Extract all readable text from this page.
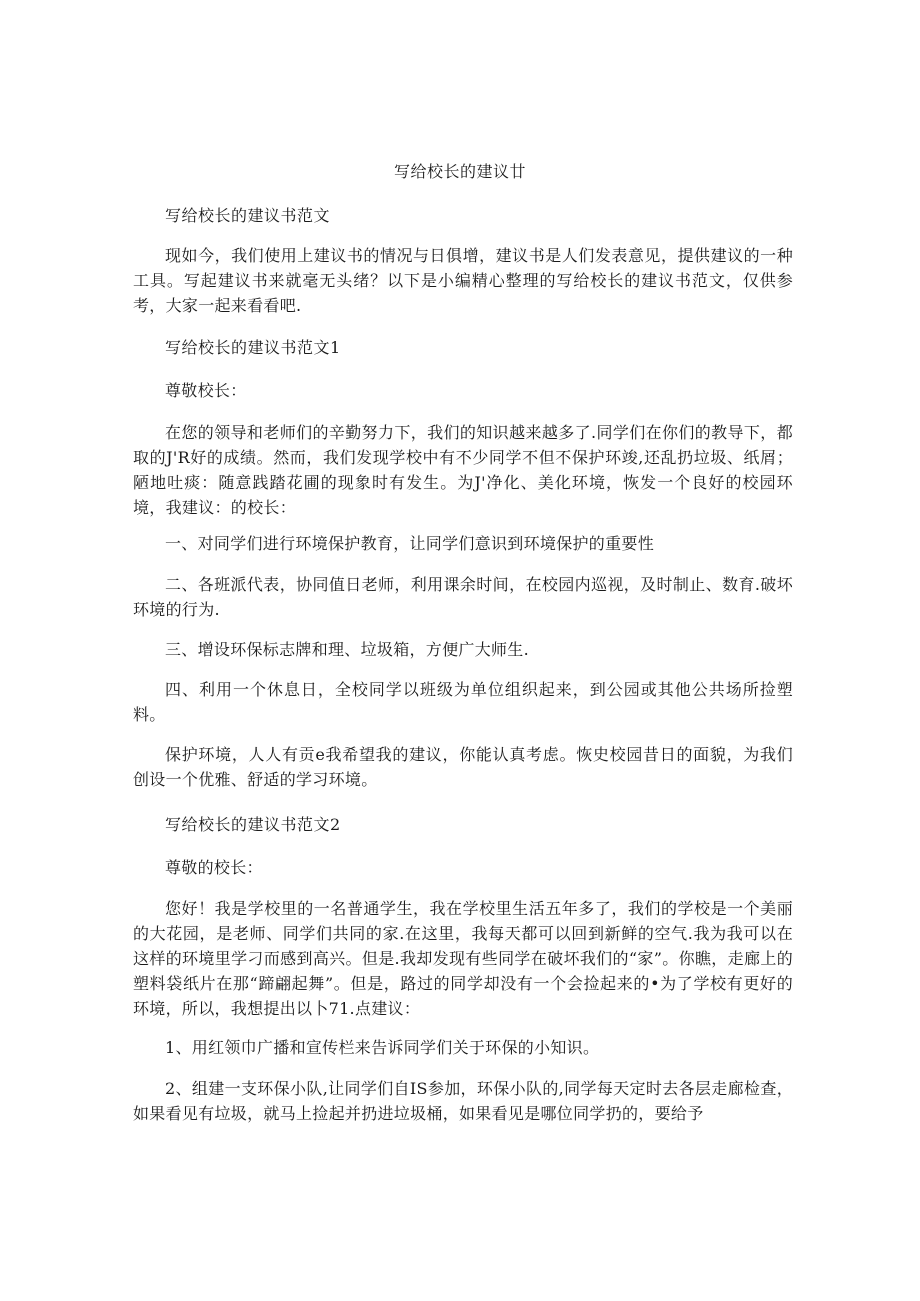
写给校长的建议廿

写给校长的建议书范文

现如今，我们使用上建议书的情况与日俱增，建议书是人们发表意见，提供建议的一种工具。写起建议书来就毫无头绪？以下是小编精心整理的写给校长的建议书范文，仅供参考，大家一起来看看吧.

写给校长的建议书范文1

尊敬校长：

在您的领导和老师们的辛勤努力下，我们的知识越来越多了.同学们在你们的教导下，都取的J'R好的成绩。然而，我们发现学校中有不少同学不但不保护环竣,还乱扔垃圾、纸屑；陋地吐痰：随意践踏花圃的现象时有发生。为J'净化、美化环境，恢发一个良好的校园环境，我建议：的校长：

一、对同学们进行环境保护教育，让同学们意识到环境保护的重要性

二、各班派代表，协同值日老师，利用课余时间，在校园内巡视，及时制止、数育.破坏环境的行为.

三、增设环保标志牌和理、垃圾箱，方便广大师生.

四、利用一个休息日，全校同学以班级为单位组织起来，到公园或其他公共场所捡塑料。

保护环境，人人有贡e我希望我的建议，你能认真考虑。恢史校园昔日的面貌，为我们创设一个优雅、舒适的学习环境。

写给校长的建议书范文2

尊敬的校长：

您好！我是学校里的一名普通学生，我在学校里生活五年多了，我们的学校是一个美丽的大花园，是老师、同学们共同的家.在这里，我每天都可以回到新鲜的空气.我为我可以在这样的环境里学刁而感到高兴。但是.我却发现有些同学在破坏我们的“家”。你瞧，走廊上的塑料袋纸片在那“蹄翩起舞”。但是，路过的同学却没有一个会捡起来的•为了学校有更好的环境，所以，我想提出以卜71.点建议：

1、用红领巾广播和宣传栏来告诉同学们关于环保的小知识。

2、组建一支环保小队,让同学们自IS参加，环保小队的,同学每天定时去各层走廊检查，如果看见有垃圾，就马上捡起并扔进垃圾桶，如果看见是哪位同学扔的，要给予
